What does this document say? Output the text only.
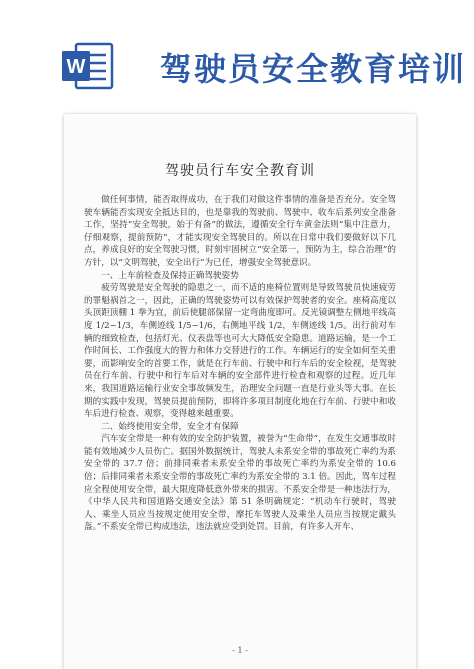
W 驾驶员安全教育培训
驾驶员行车安全教育训

做任何事情，能否取得成功，在于我们对做这件事情的准备是否充分。安全驾驶车辆能否实现安全抵达目的，也是靠我的驾驶前、驾驶中、收车后系列安全准备工作，坚持“安全驾驶，始于有备”的做法，遵循安全行车黄金法则“集中注意力，仔细观察，提前预防”，才能实现安全驾驶目的。所以在日常中我们要做好以下几点，养成良好的安全驾驶习惯，时刻牢固树立“安全第一，预防为主，综合治理”的方针，以“文明驾驶，安全出行”为已任，增强安全驾驶意识。

一、上车前检查及保持正确驾驶姿势

疲劳驾驶是安全驾驶的隐患之一，而不适的座椅位置则是导致驾驶员快速疲劳的罪魁祸首之一，因此，正确的驾驶姿势可以有效保护驾驶者的安全。座椅高度以头顶距顶棚 1 拳为宜，前后使腿部保留一定弯曲度即可。反光镜调整左侧地平线高度 1/2~1/3，车侧迹线 1/5~1/6，右侧地平线 1/2，车侧迹线 1/5。出行前对车辆的细致检查，包括灯光、仪表盘等也可大大降低安全隐患。道路运输，是一个工作时间长、工作强度大的智力和体力交替进行的工作。车辆运行的安全如何至关重要，而影响安全的首要工作，就是在行车前、行驶中和行车后的安全检视，是驾驶员在行车前、行驶中和行车后对车辆的安全部件进行检查和观察的过程。近几年来，我国道路运输行业安全事故频发生，治理安全问题一直是行业头等大事。在长期的实践中发现，驾驶员提前预防，即将许多项目制度化地在行车前、行驶中和收车后进行检查、观察，变得越来越重要。

二、始终使用安全带，安全才有保障

汽车安全带是一种有效的安全防护装置，被誉为“生命带”，在发生交通事故时能有效地减少人员伤亡。据国外数据统计，驾驶人未系安全带的事故死亡率约为系安全带的 37.7 倍；前排同乘者未系安全带的事故死亡率约为系安全带的 10.6 倍；后排同乘者未系安全带的事故死亡率约为系安全带的 3.1 倍。因此，驾车过程应全程使用安全带，最大限度降低意外带来的损害。不系安全带是一种违法行为，《中华人民共和国道路交通安全法》第 51 条明确规定：“机动车行驶时，驾驶人、乘坐人员应当按规定使用安全带，摩托车驾驶人及乘坐人员应当按规定戴头盔。”不系安全带已构成违法，违法就应受到处罚。目前，有许多人开车、

- 1 -
